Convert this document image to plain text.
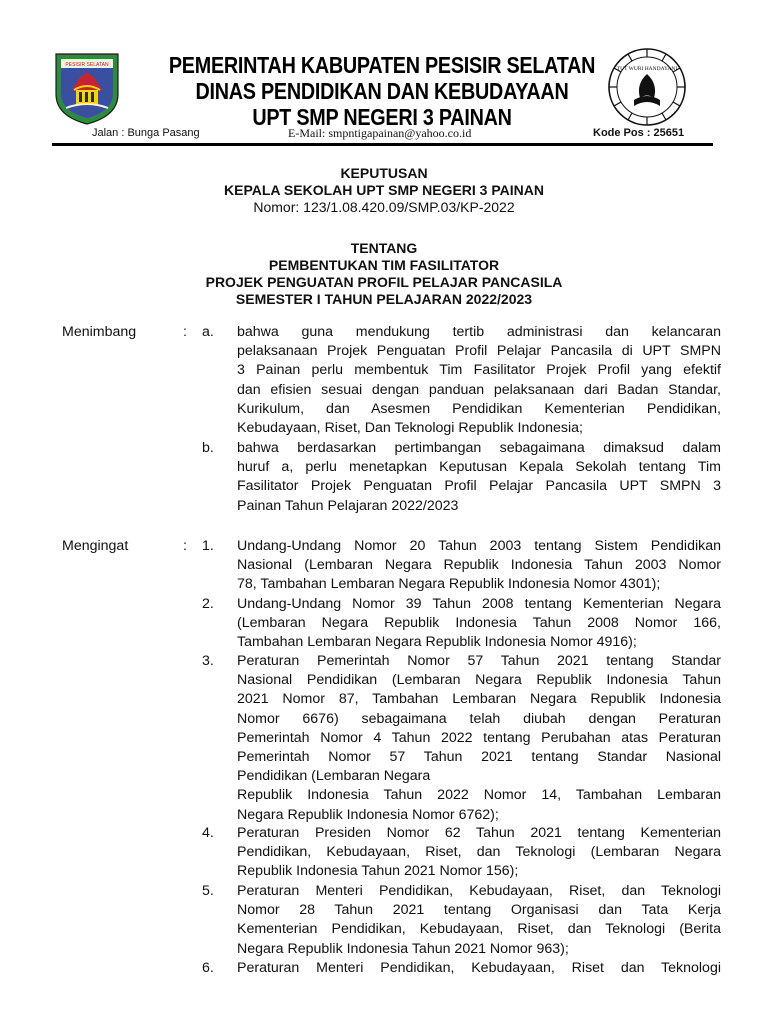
PESISIR SELATAN
TUT WURI HANDAYANI
PEMERINTAH KABUPATEN PESISIR SELATAN
DINAS PENDIDIKAN DAN KEBUDAYAAN
UPT SMP NEGERI 3 PAINAN
Jalan : Bunga Pasang	E-Mail: smpntigapainan@yahoo.co.id	Kode Pos : 25651
KEPUTUSAN
KEPALA SEKOLAH UPT SMP NEGERI 3 PAINAN
Nomor: 123/1.08.420.09/SMP.03/KP-2022
TENTANG
PEMBENTUKAN TIM FASILITATOR
PROJEK PENGUATAN PROFIL PELAJAR PANCASILA
SEMESTER I TAHUN PELAJARAN 2022/2023
Menimbang	: a. bahwa guna mendukung tertib administrasi dan kelancaran
pelaksanaan Projek Penguatan Profil Pelajar Pancasila di UPT SMPN
3 Painan perlu membentuk Tim Fasilitator Projek Profil yang efektif
dan efisien sesuai dengan panduan pelaksanaan dari Badan Standar,
Kurikulum, dan Asesmen Pendidikan Kementerian Pendidikan,
Kebudayaan, Riset, Dan Teknologi Republik Indonesia;
b. bahwa berdasarkan pertimbangan sebagaimana dimaksud dalam
huruf a, perlu menetapkan Keputusan Kepala Sekolah tentang Tim
Fasilitator Projek Penguatan Profil Pelajar Pancasila UPT SMPN 3
Painan Tahun Pelajaran 2022/2023
Mengingat	: 1. Undang-Undang Nomor 20 Tahun 2003 tentang Sistem Pendidikan
Nasional (Lembaran Negara Republik Indonesia Tahun 2003 Nomor
78, Tambahan Lembaran Negara Republik Indonesia Nomor 4301);
2. Undang-Undang Nomor 39 Tahun 2008 tentang Kementerian Negara
(Lembaran Negara Republik Indonesia Tahun 2008 Nomor 166,
Tambahan Lembaran Negara Republik Indonesia Nomor 4916);
3. Peraturan Pemerintah Nomor 57 Tahun 2021 tentang Standar
Nasional Pendidikan (Lembaran Negara Republik Indonesia Tahun
2021 Nomor 87, Tambahan Lembaran Negara Republik Indonesia
Nomor 6676) sebagaimana telah diubah dengan Peraturan
Pemerintah Nomor 4 Tahun 2022 tentang Perubahan atas Peraturan
Pemerintah Nomor 57 Tahun 2021 tentang Standar Nasional
Pendidikan (Lembaran Negara
Republik Indonesia Tahun 2022 Nomor 14, Tambahan Lembaran
Negara Republik Indonesia Nomor 6762);
4. Peraturan Presiden Nomor 62 Tahun 2021 tentang Kementerian
Pendidikan, Kebudayaan, Riset, dan Teknologi (Lembaran Negara
Republik Indonesia Tahun 2021 Nomor 156);
5. Peraturan Menteri Pendidikan, Kebudayaan, Riset, dan Teknologi
Nomor 28 Tahun 2021 tentang Organisasi dan Tata Kerja
Kementerian Pendidikan, Kebudayaan, Riset, dan Teknologi (Berita
Negara Republik Indonesia Tahun 2021 Nomor 963);
6. Peraturan Menteri Pendidikan, Kebudayaan, Riset dan Teknologi
